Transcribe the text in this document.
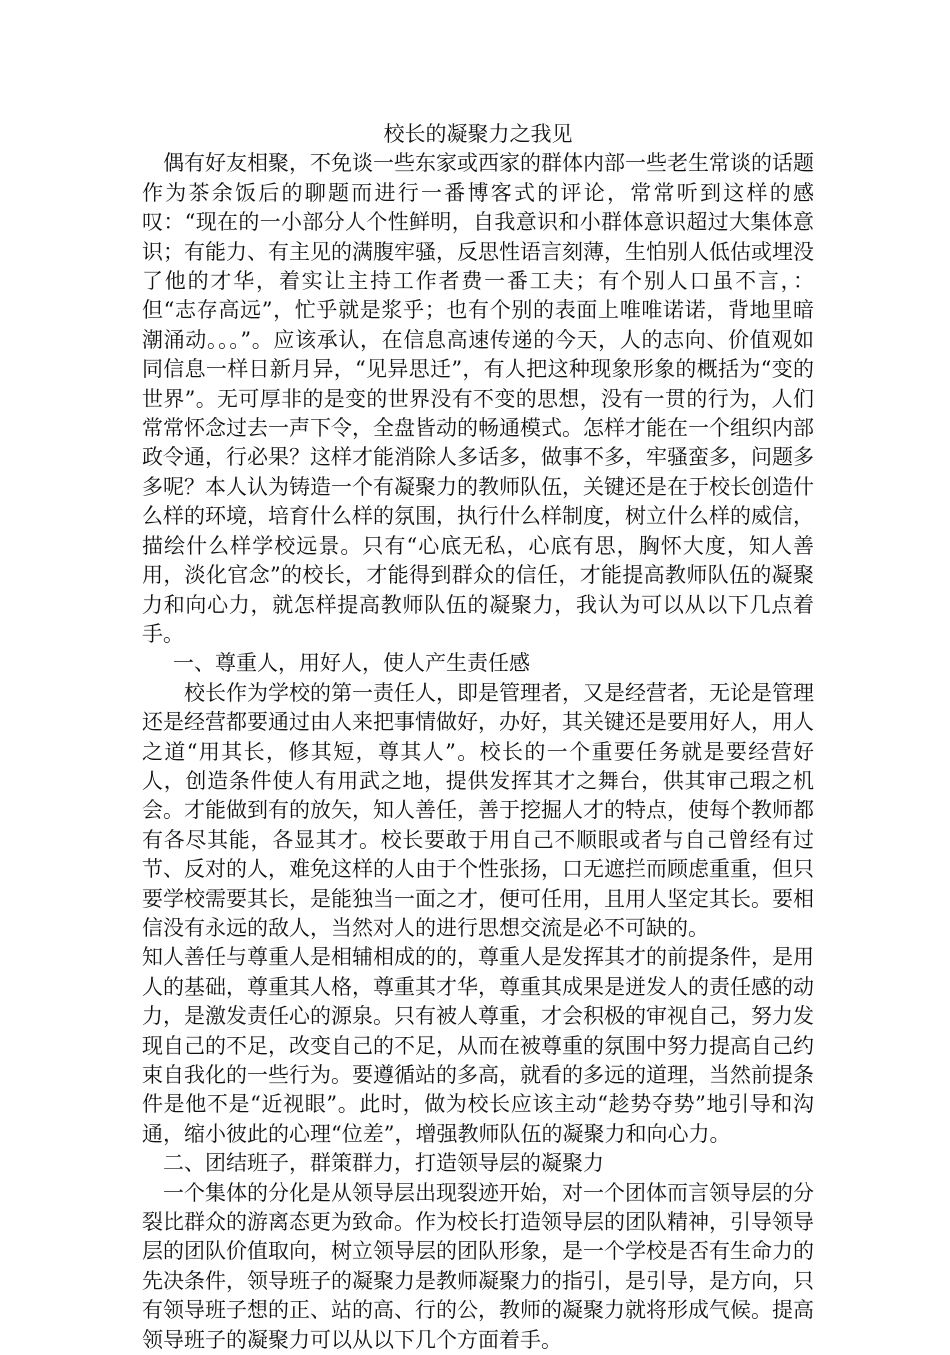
校长的凝聚力之我见

偶有好友相聚，不免谈一些东家或西家的群体内部一些老生常谈的话题作为茶余饭后的聊题而进行一番博客式的评论，常常听到这样的感叹：“现在的一小部分人个性鲜明，自我意识和小群体意识超过大集体意识；有能力、有主见的满腹牢骚，反思性语言刻薄，生怕别人低估或埋没了他的才华，着实让主持工作者费一番工夫；有个别人口虽不言，：但“志存高远”，忙乎就是浆乎；也有个别的表面上唯唯诺诺，背地里暗潮涌动。。。”。应该承认，在信息高速传递的今天，人的志向、价值观如同信息一样日新月异，“见异思迁”，有人把这种现象形象的概括为“变的世界”。无可厚非的是变的世界没有不变的思想，没有一贯的行为，人们常常怀念过去一声下令，全盘皆动的畅通模式。怎样才能在一个组织内部政令通，行必果？这样才能消除人多话多，做事不多，牢骚蛮多，问题多多呢？本人认为铸造一个有凝聚力的教师队伍，关键还是在于校长创造什么样的环境，培育什么样的氛围，执行什么样制度，树立什么样的威信，描绘什么样学校远景。只有“心底无私，心底有思，胸怀大度，知人善用，淡化官念”的校长，才能得到群众的信任，才能提高教师队伍的凝聚力和向心力，就怎样提高教师队伍的凝聚力，我认为可以从以下几点着手。

一、尊重人，用好人，使人产生责任感

校长作为学校的第一责任人，即是管理者，又是经营者，无论是管理还是经营都要通过由人来把事情做好，办好，其关键还是要用好人，用人之道“用其长，修其短，尊其人”。校长的一个重要任务就是要经营好人，创造条件使人有用武之地，提供发挥其才之舞台，供其审己瑕之机会。才能做到有的放矢，知人善任，善于挖掘人才的特点，使每个教师都有各尽其能，各显其才。校长要敢于用自己不顺眼或者与自己曾经有过节、反对的人，难免这样的人由于个性张扬，口无遮拦而顾虑重重，但只要学校需要其长，是能独当一面之才，便可任用，且用人坚定其长。要相信没有永远的敌人，当然对人的进行思想交流是必不可缺的。

知人善任与尊重人是相辅相成的的，尊重人是发挥其才的前提条件，是用人的基础，尊重其人格，尊重其才华，尊重其成果是迸发人的责任感的动力，是激发责任心的源泉。只有被人尊重，才会积极的审视自己，努力发现自己的不足，改变自己的不足，从而在被尊重的氛围中努力提高自己约束自我化的一些行为。要遵循站的多高，就看的多远的道理，当然前提条件是他不是“近视眼”。此时，做为校长应该主动“趁势夺势”地引导和沟通，缩小彼此的心理“位差”，增强教师队伍的凝聚力和向心力。

二、团结班子，群策群力，打造领导层的凝聚力

一个集体的分化是从领导层出现裂迹开始，对一个团体而言领导层的分裂比群众的游离态更为致命。作为校长打造领导层的团队精神，引导领导层的团队价值取向，树立领导层的团队形象，是一个学校是否有生命力的先决条件，领导班子的凝聚力是教师凝聚力的指引，是引导，是方向，只有领导班子想的正、站的高、行的公，教师的凝聚力就将形成气候。提高领导班子的凝聚力可以从以下几个方面着手。
